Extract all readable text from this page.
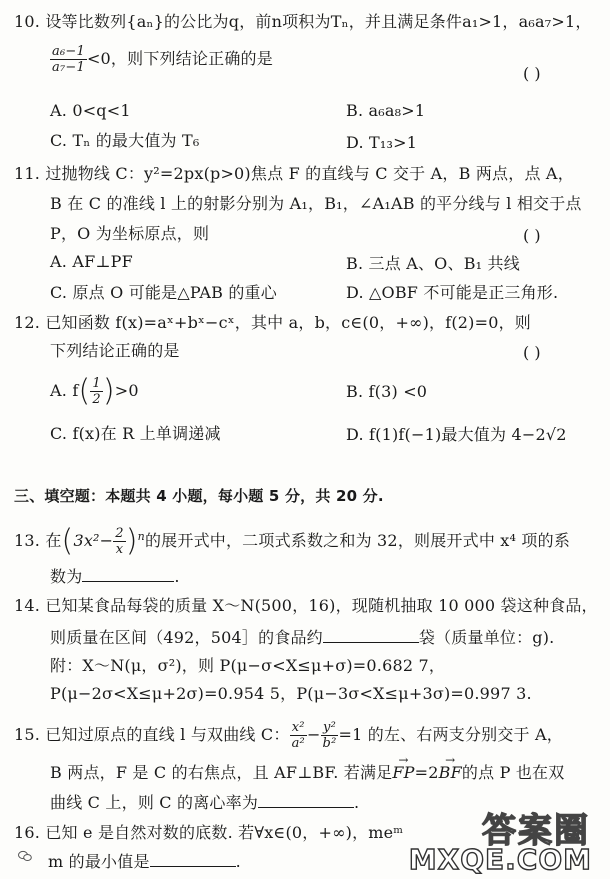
10. 设等比数列{aₙ}的公比为q，前n项积为Tₙ，并且满足条件a₁>1，a₆a₇>1，
$\frac{\text{a₆−1}}{\text{a₇−1}} <0$，则下列结论正确的是
( )
A. 0<q<1	B. a₆a₈>1
C. Tₙ 的最大值为 T₆	D. T₁₃>1
11. 过抛物线 C：y²=2px(p>0)焦点 F 的直线与 C 交于 A，B 两点，点 A，
B 在 C 的准线 l 上的射影分别为 A₁，B₁，∠A₁AB 的平分线与 l 相交于点
P，O 为坐标原点，则	( )
A. AF⊥PF	B. 三点 A、O、B₁ 共线
C. 原点 O 可能是△PAB 的重心	D. △OBF 不可能是正三角形.
12. 已知函数 f(x)=aˣ+bˣ−cˣ，其中 a，b，c∈(0，+∞)，f(2)=0，则
下列结论正确的是	( )
A. $f( \frac{1}{2} )>0$	B. f(3) <0
C. f(x)在 R 上单调递减	D. f(1)f(−1)最大值为 4−2√2
三、填空题：本题共 4 小题，每小题 5 分，共 20 分.
13. 在$(3x^2- \frac{2}{x} )^n$的展开式中，二项式系数之和为 32，则展开式中 x⁴ 项的系
数为	.
14. 已知某食品每袋的质量 X～N(500，16)，现随机抽取 10 000 袋这种食品，
则质量在区间（492，504］的食品约	袋（质量单位：g).
附：X～N(μ，σ²)，则 P(μ−σ<X≤μ+σ)=0.682 7，
P(μ−2σ<X≤μ+2σ)=0.954 5，P(μ−3σ<X≤μ+3σ)=0.997 3.
15. 已知过原点的直线 l 与双曲线 C： $\frac{\text{x²}}{\text{a²}} - \frac{\text{y²}}{\text{b²}} =1$ 的左、右两支分别交于 A，
B 两点，F 是 C 的右焦点，且 AF⊥BF. 若满足→ FP=2→ BF的点 P 也在双
曲线 C 上，则 C 的离心率为	.
16. 已知 e 是自然对数的底数. 若∀x∈(0，+∞)，meᵐ
m 的最小值是	.
答案圈
MXQE.COM
